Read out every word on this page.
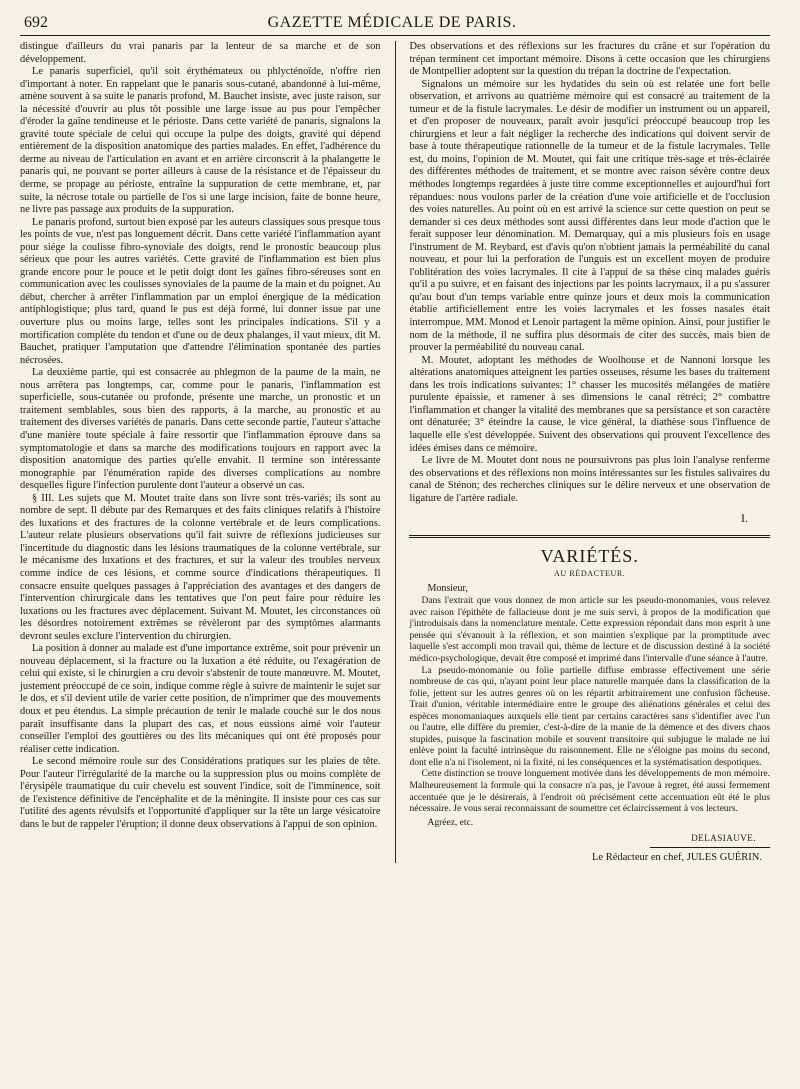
692	GAZETTE MÉDICALE DE PARIS.

distingue d'ailleurs du vrai panaris par la lenteur de sa marche et de son développement.

Le panaris superficiel, qu'il soit érythémateux ou phlycténoïde, n'offre rien d'important à noter. En rappelant que le panaris sous-cutané, abandonné à lui-même, amène souvent à sa suite le panaris profond, M. Bauchet insiste, avec juste raison, sur la nécessité d'ouvrir au plus tôt possible une large issue au pus pour l'empêcher d'éroder la gaîne tendineuse et le périoste. Dans cette variété de panaris, signalons la gravité toute spéciale de celui qui occupe la pulpe des doigts, gravité qui dépend entièrement de la disposition anatomique des parties malades. En effet, l'adhérence du derme au niveau de l'articulation en avant et en arrière circonscrit à la phalangette le panaris qui, ne pouvant se porter ailleurs à cause de la résistance et de l'épaisseur du derme, se propage au périoste, entraîne la suppuration de cette membrane, et, par suite, la nécrose totale ou partielle de l'os si une large incision, faite de bonne heure, ne livre pas passage aux produits de la suppuration.

Le panaris profond, surtout bien exposé par les auteurs classiques sous presque tous les points de vue, n'est pas longuement décrit. Dans cette variété l'inflammation ayant pour siége la coulisse fibro-synoviale des doigts, rend le pronostic beaucoup plus sérieux que pour les autres variétés. Cette gravité de l'inflammation est bien plus grande encore pour le pouce et le petit doigt dont les gaînes fibro-séreuses sont en communication avec les coulisses synoviales de la paume de la main et du poignet. Au début, chercher à arrêter l'inflammation par un emploi énergique de la médication antiphlogistique; plus tard, quand le pus est déjà formé, lui donner issue par une ouverture plus ou moins large, telles sont les principales indications. S'il y a mortification complète du tendon et d'une ou de deux phalanges, il vaut mieux, dit M. Bauchet, pratiquer l'amputation que d'attendre l'élimination spontanée des parties nécrosées.

La deuxième partie, qui est consacrée au phlegmon de la paume de la main, ne nous arrêtera pas longtemps, car, comme pour le panaris, l'inflammation est superficielle, sous-cutanée ou profonde, présente une marche, un pronostic et un traitement semblables, sous bien des rapports, à la marche, au pronostic et au traitement des diverses variétés de panaris. Dans cette seconde partie, l'auteur s'attache d'une manière toute spéciale à faire ressortir que l'inflammation éprouve dans sa symptomatologie et dans sa marche des modifications toujours en rapport avec la disposition anatomique des parties qu'elle envahit. Il termine son intéressante monographie par l'énumération rapide des diverses complications au nombre desquelles figure l'infection purulente dont l'auteur a observé un cas.

§ III. Les sujets que M. Moutet traite dans son livre sont très-variés; ils sont au nombre de sept. Il débute par des Remarques et des faits cliniques relatifs à l'histoire des luxations et des fractures de la colonne vertébrale et de leurs complications. L'auteur relate plusieurs observations qu'il fait suivre de réflexions judicieuses sur l'incertitude du diagnostic dans les lésions traumatiques de la colonne vertébrale, sur le mécanisme des luxations et des fractures, et sur la valeur des troubles nerveux comme indice de ces lésions, et comme source d'indications thérapeutiques. Il consacre ensuite quelques passages à l'appréciation des avantages et des dangers de l'intervention chirurgicale dans les tentatives que l'on peut faire pour réduire les luxations ou les fractures avec déplacement. Suivant M. Moutet, les circonstances où les désordres notoirement extrêmes se révèleront par des symptômes alarmants devront seules exclure l'intervention du chirurgien.

La position à donner au malade est d'une importance extrême, soit pour prévenir un nouveau déplacement, si la fracture ou la luxation a été réduite, ou l'exagération de celui qui existe, si le chirurgien a cru devoir s'abstenir de toute manœuvre. M. Moutet, justement préoccupé de ce soin, indique comme règle à suivre de maintenir le sujet sur le dos, et s'il devient utile de varier cette position, de n'imprimer que des mouvements doux et peu étendus. La simple précaution de tenir le malade couché sur le dos nous paraît insuffisante dans la plupart des cas, et nous eussions aimé voir l'auteur conseiller l'emploi des gouttières ou des lits mécaniques qui ont été proposés pour réaliser cette indication.

Le second mémoire roule sur des Considérations pratiques sur les plaies de tête. Pour l'auteur l'irrégularité de la marche ou la suppression plus ou moins complète de l'érysipèle traumatique du cuir chevelu est souvent l'indice, soit de l'imminence, soit de l'existence définitive de l'encéphalite et de la méningite. Il insiste pour ces cas sur l'utilité des agents révulsifs et l'opportunité d'appliquer sur la tête un large vésicatoire dans le but de rappeler l'éruption; il donne deux observations à l'appui de son opinion.

Des observations et des réflexions sur les fractures du crâne et sur l'opération du trépan terminent cet important mémoire. Disons à cette occasion que les chirurgiens de Montpellier adoptent sur la question du trépan la doctrine de l'expectation.

Signalons un mémoire sur les hydatides du sein où est relatée une fort belle observation, et arrivons au quatrième mémoire qui est consacré au traitement de la tumeur et de la fistule lacrymales. Le désir de modifier un instrument ou un appareil, et d'en proposer de nouveaux, paraît avoir jusqu'ici préoccupé beaucoup trop les chirurgiens et leur a fait négliger la recherche des indications qui doivent servir de base à toute thérapeutique rationnelle de la tumeur et de la fistule lacrymales. Telle est, du moins, l'opinion de M. Moutet, qui fait une critique très-sage et très-éclairée des différentes méthodes de traitement, et se montre avec raison sévère contre deux méthodes longtemps regardées à juste titre comme exceptionnelles et aujourd'hui fort répandues: nous voulons parler de la création d'une voie artificielle et de l'occlusion des voies naturelles. Au point où en est arrivé la science sur cette question on peut se demander si ces deux méthodes sont aussi différentes dans leur mode d'action que le ferait supposer leur dénomination. M. Demarquay, qui a mis plusieurs fois en usage l'instrument de M. Reybard, est d'avis qu'on n'obtient jamais la perméabilité du canal nouveau, et pour lui la perforation de l'unguis est un excellent moyen de produire l'oblitération des voies lacrymales. Il cite à l'appui de sa thèse cinq malades guéris qu'il a pu suivre, et en faisant des injections par les points lacrymaux, il a pu s'assurer qu'au bout d'un temps variable entre quinze jours et deux mois la communication établie artificiellement entre les voies lacrymales et les fosses nasales était interrompue. MM. Monod et Lenoir partagent la même opinion. Ainsi, pour justifier le nom de la méthode, il ne suffira plus désormais de citer des succès, mais bien de prouver la perméabilité du nouveau canal.

M. Moutet, adoptant les méthodes de Woolhouse et de Nannoni lorsque les altérations anatomiques atteignent les parties osseuses, résume les bases du traitement dans les trois indications suivantes: 1° chasser les mucosités mélangées de matière purulente épaissie, et ramener à ses dimensions le canal rétréci; 2° combattre l'inflammation et changer la vitalité des membranes que sa persistance et son caractère ont dénaturée; 3° éteindre la cause, le vice général, la diathèse sous l'influence de laquelle elle s'est développée. Suivent des observations qui prouvent l'excellence des idées émises dans ce mémoire.

Le livre de M. Moutet dont nous ne poursuivrons pas plus loin l'analyse renferme des observations et des réflexions non moins intéressantes sur les fistules salivaires du canal de Sténon; des recherches cliniques sur le délire nerveux et une observation de ligature de l'artère radiale.

I.

VARIÉTÉS.
AU RÉDACTEUR.
Monsieur,

Dans l'extrait que vous donnez de mon article sur les pseudo-monomanies, vous relevez avec raison l'épithète de fallacieuse dont je me suis servi, à propos de la modification que j'introduisais dans la nomenclature mentale. Cette expression répondait dans mon esprit à une pensée qui s'évanouit à la réflexion, et son maintien s'explique par la promptitude avec laquelle s'est accompli mon travail qui, thème de lecture et de discussion destiné à la société médico-psychologique, devait être composé et imprimé dans l'intervalle d'une séance à l'autre.

La pseudo-monomanie ou folie partielle diffuse embrasse effectivement une série nombreuse de cas qui, n'ayant point leur place naturelle marquée dans la classification de la folie, jettent sur les autres genres où on les répartit arbitrairement une confusion fâcheuse. Trait d'union, véritable intermédiaire entre le groupe des aliénations générales et celui des espèces monomaniaques auxquels elle tient par certains caractères sans s'identifier avec l'un ou l'autre, elle diffère du premier, c'est-à-dire de la manie de la démence et des divers chaos stupides, puisque la fascination mobile et souvent transitoire qui subjugue le malade ne lui enlève point la faculté intrinsèque du raisonnement. Elle ne s'éloigne pas moins du second, dont elle n'a ni l'isolement, ni la fixité, ni les conséquences et la systématisation despotiques.

Cette distinction se trouve longuement motivée dans les développements de mon mémoire. Malheureusement la formule qui la consacre n'a pas, je l'avoue à regret, été aussi fermement accentuée que je le désirerais, à l'endroit où précisément cette accentuation eût été le plus nécessaire. Je vous serai reconnaissant de soumettre cet éclaircissement à vos lecteurs.

Agréez, etc.
DELASIAUVE.
Le Rédacteur en chef, JULES GUÉRIN.
